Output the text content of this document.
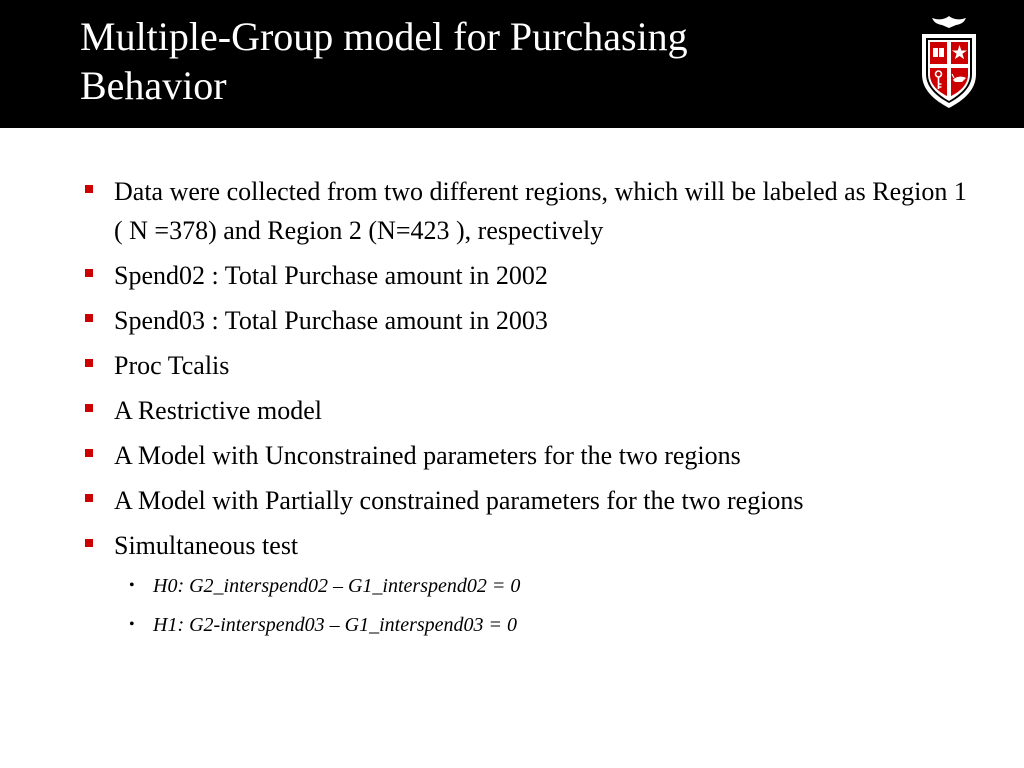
Multiple-Group model for Purchasing
Behavior
Data were collected from two different regions, which will be labeled as Region 1 ( N =378) and Region 2 (N=423 ), respectively
Spend02 : Total Purchase amount in 2002
Spend03 : Total Purchase amount in 2003
Proc Tcalis
A Restrictive model
A Model with Unconstrained parameters for the two regions
A Model with Partially constrained parameters for the two regions
Simultaneous test
• H0: G2_interspend02 – G1_interspend02 = 0
• H1: G2-interspend03 – G1_interspend03 = 0
